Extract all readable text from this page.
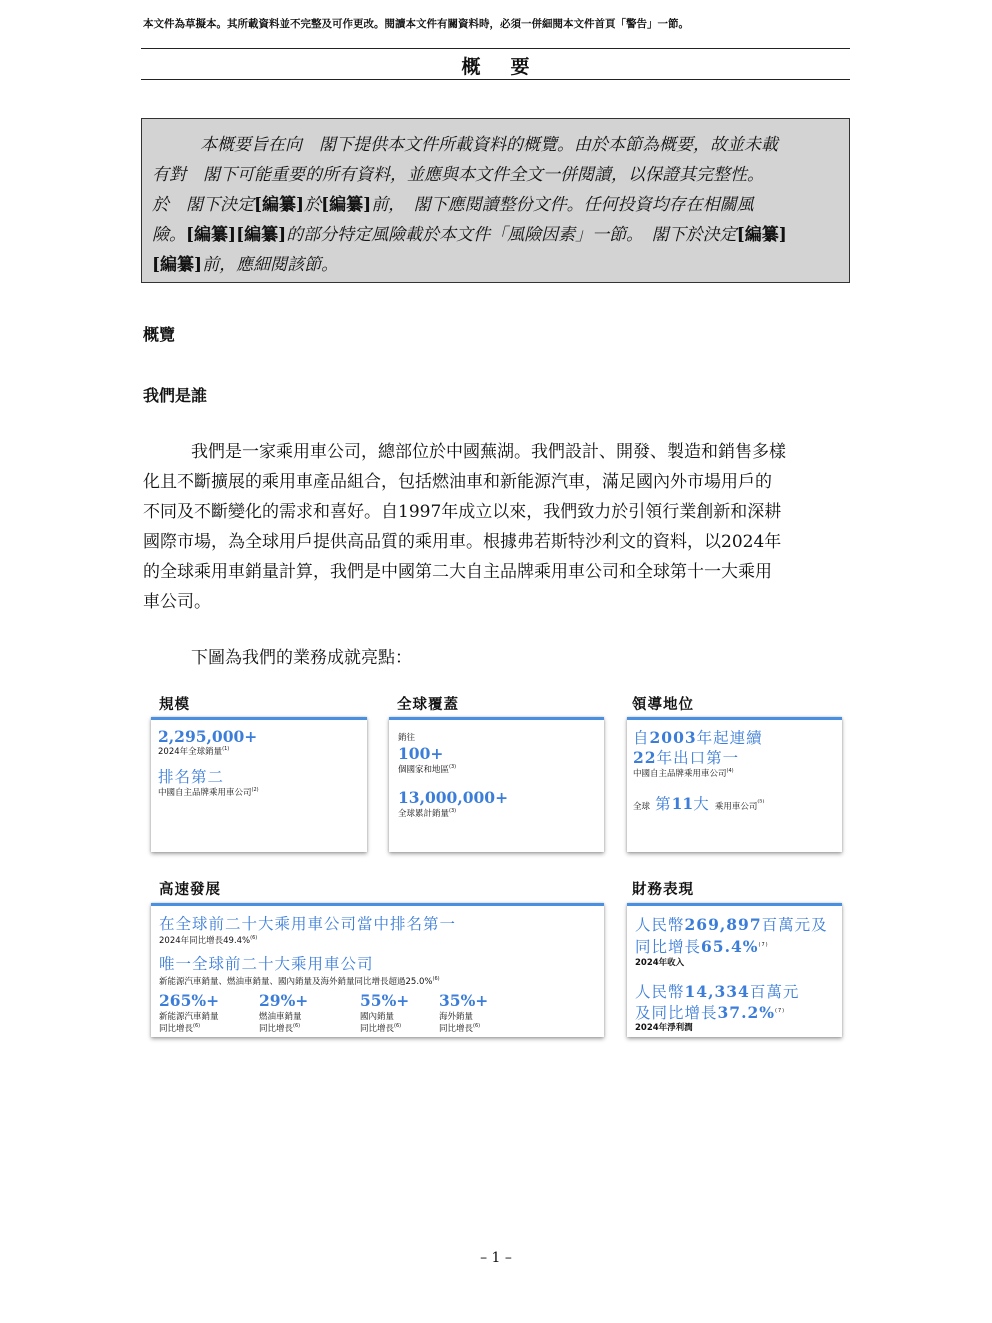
本文件為草擬本。其所載資料並不完整及可作更改。閱讀本文件有關資料時，必須一併細閱本文件首頁「警告」一節。
概要
本概要旨在向　閣下提供本文件所載資料的概覽。由於本節為概要，故並未載
有對　閣下可能重要的所有資料，並應與本文件全文一併閱讀，以保證其完整性。
於　閣下決定[編纂]於[編纂]前，　閣下應閱讀整份文件。任何投資均存在相關風
險。[編纂][編纂]的部分特定風險載於本文件「風險因素」一節。　閣下於決定[編纂]
[編纂]前，應細閱該節。
概覽
我們是誰
我們是一家乘用車公司，總部位於中國蕪湖。我們設計、開發、製造和銷售多樣
化且不斷擴展的乘用車產品組合，包括燃油車和新能源汽車，滿足國內外市場用戶的
不同及不斷變化的需求和喜好。自1997年成立以來，我們致力於引領行業創新和深耕
國際市場，為全球用戶提供高品質的乘用車。根據弗若斯特沙利文的資料，以2024年
的全球乘用車銷量計算，我們是中國第二大自主品牌乘用車公司和全球第十一大乘用
車公司。
下圖為我們的業務成就亮點：
規模	全球覆蓋	領導地位
高速發展	財務表現
2,295,000+
2024年全球銷量$^{(1)}$
排名第二
中國自主品牌乘用車公司$^{(2)}$
銷往
100+
個國家和地區$^{(3)}$
13,000,000+
全球累計銷量$^{(3)}$
自2003年起連續
22年出口第一
中國自主品牌乘用車公司$^{(4)}$
全球 第11大 乘用車公司$^{(5)}$
在全球前二十大乘用車公司當中排名第一
2024年同比增長49.4%$^{(6)}$
唯一全球前二十大乘用車公司
新能源汽車銷量、燃油車銷量、國內銷量及海外銷量同比增長超過25.0%$^{(6)}$
265%+
新能源汽車銷量
同比增長$^{(6)}$
29%+
燃油車銷量
同比增長$^{(6)}$
55%+
國內銷量
同比增長$^{(6)}$
35%+
海外銷量
同比增長$^{(6)}$
人民幣269,897百萬元及
同比增長65.4%$^{(7)}$
2024年收入
人民幣14,334百萬元
及同比增長37.2%$^{(7)}$
2024年淨利潤
– 1 –
